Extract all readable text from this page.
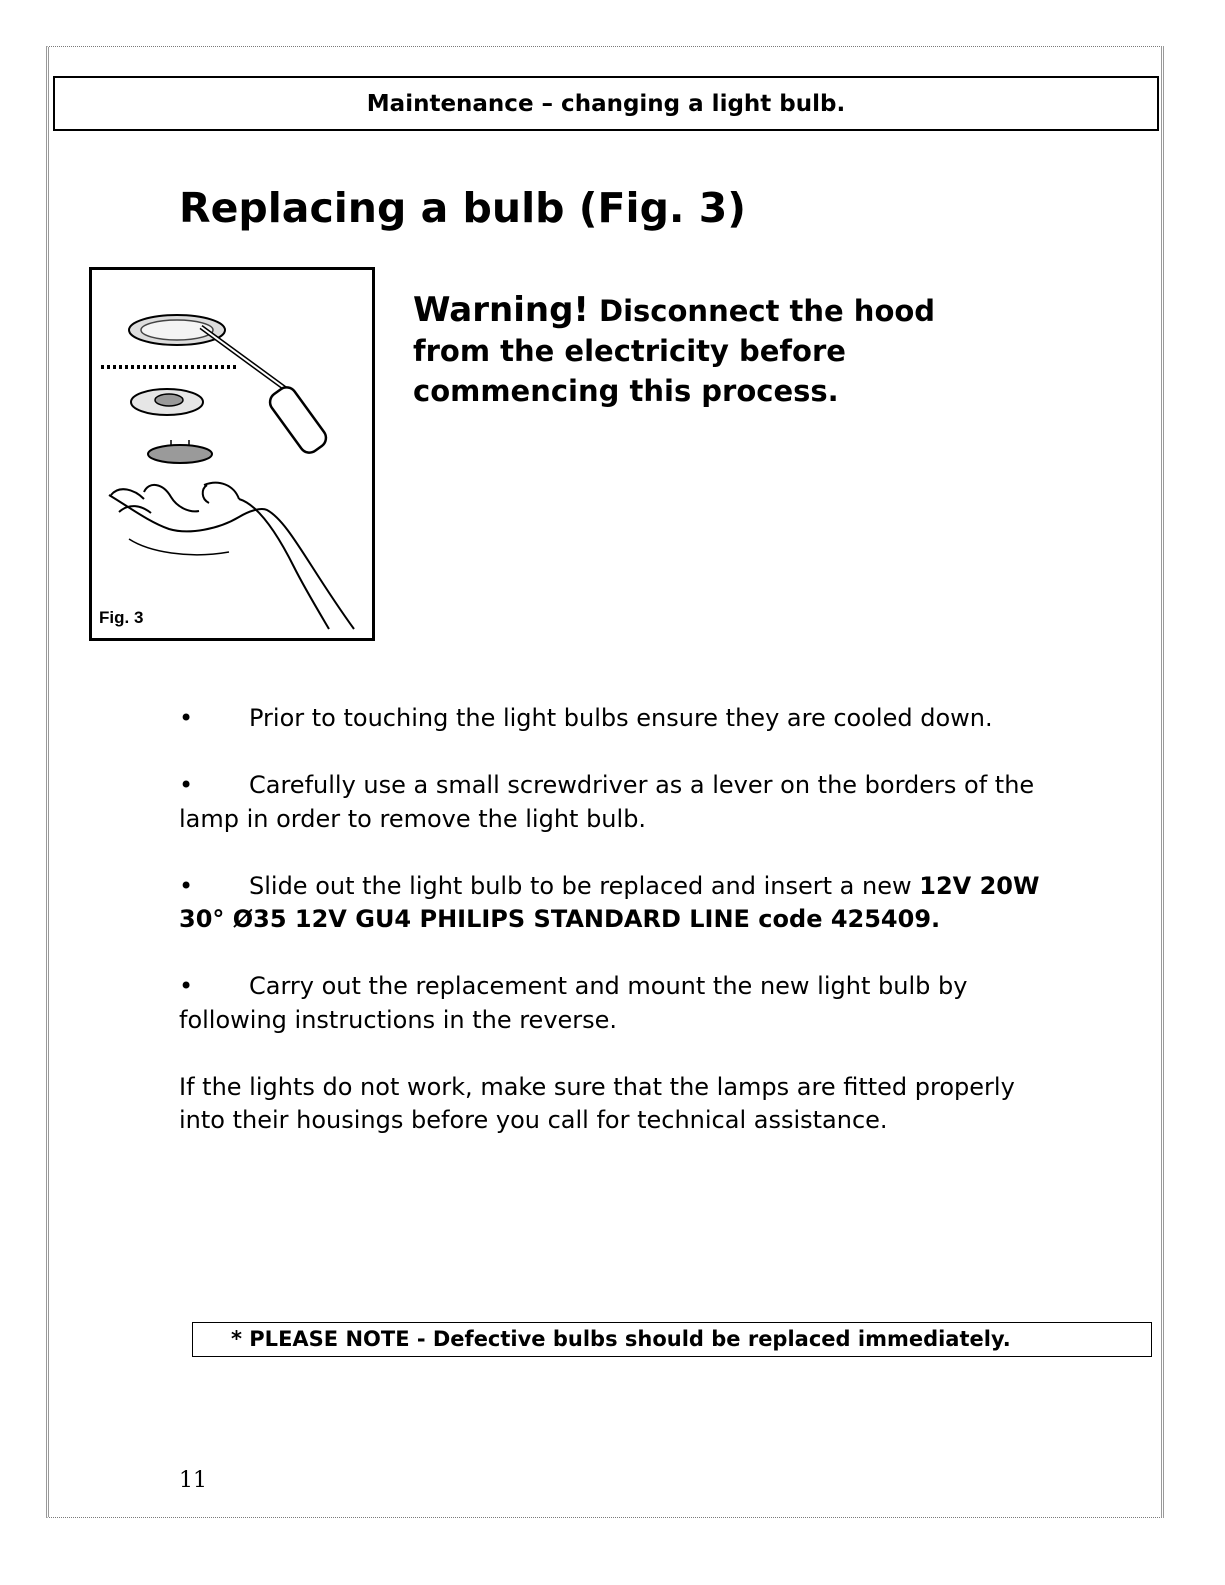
Maintenance – changing a light bulb.
Replacing a bulb (Fig. 3)
Fig. 3
Warning! Disconnect the hood from the electricity before commencing this process.

• Prior to touching the light bulbs ensure they are cooled down.

• Carefully use a small screwdriver as a lever on the borders of the lamp in order to remove the light bulb.

• Slide out the light bulb to be replaced and insert a new 12V 20W 30° Ø35 12V GU4 PHILIPS STANDARD LINE code 425409.

• Carry out the replacement and mount the new light bulb by following instructions in the reverse.

If the lights do not work, make sure that the lamps are fitted properly into their housings before you call for technical assistance.

* PLEASE NOTE - Defective bulbs should be replaced immediately.
11
